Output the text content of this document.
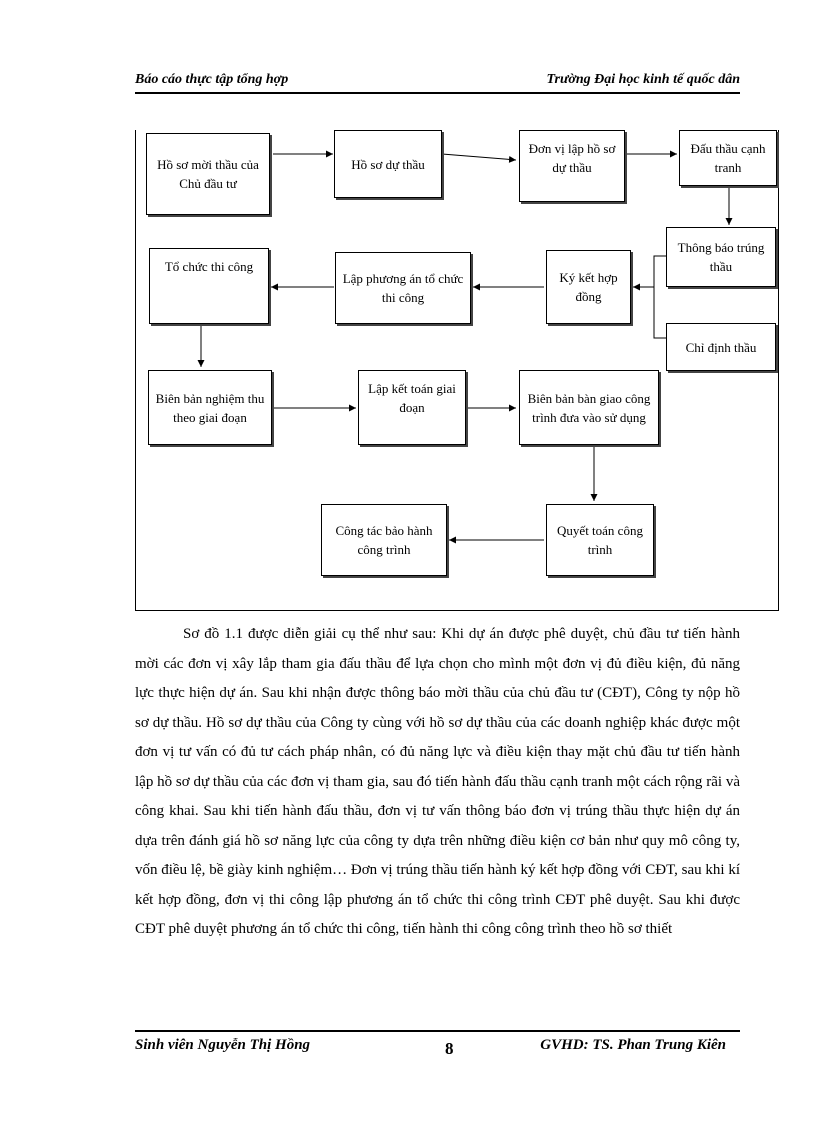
Báo cáo thực tập tổng hợp	Trường Đại học kinh tế quốc dân
Hồ sơ mời thầu của Chủ đầu tư
Hồ sơ dự thầu
Đơn vị lập hồ sơ dự thầu
Đấu thầu cạnh tranh
Thông báo trúng thầu
Chỉ định thầu
Ký kết hợp đồng
Lập phương án tổ chức thi công
Tổ chức thi công
Biên bản nghiệm thu theo giai đoạn
Lập kết toán giai đoạn
Biên bản bàn giao công trình đưa vào sử dụng
Quyết toán công trình
Công tác bảo hành công trình

Sơ đồ 1.1 được diễn giải cụ thể như sau: Khi dự án được phê duyệt, chủ đầu tư tiến hành mời các đơn vị xây lắp tham gia đấu thầu để lựa chọn cho mình một đơn vị đủ điều kiện, đủ năng lực thực hiện dự án. Sau khi nhận được thông báo mời thầu của chủ đầu tư (CĐT), Công ty nộp hồ sơ dự thầu. Hồ sơ dự thầu của Công ty cùng với hồ sơ dự thầu của các doanh nghiệp khác được một đơn vị tư vấn có đủ tư cách pháp nhân, có đủ năng lực và điều kiện thay mặt chủ đầu tư tiến hành lập hồ sơ dự thầu của các đơn vị tham gia, sau đó tiến hành đấu thầu cạnh tranh một cách rộng rãi và công khai. Sau khi tiến hành đấu thầu, đơn vị tư vấn thông báo đơn vị trúng thầu thực hiện dự án dựa trên đánh giá hồ sơ năng lực của công ty dựa trên những điều kiện cơ bản như quy mô công ty, vốn điều lệ, bề giày kinh nghiệm… Đơn vị trúng thầu tiến hành ký kết hợp đồng với CĐT, sau khi kí kết hợp đồng, đơn vị thi công lập phương án tổ chức thi công trình CĐT phê duyệt. Sau khi được CĐT phê duyệt phương án tổ chức thi công, tiến hành thi công công trình theo hồ sơ thiết

Sinh viên Nguyễn Thị Hồng	8	GVHD: TS. Phan Trung Kiên
